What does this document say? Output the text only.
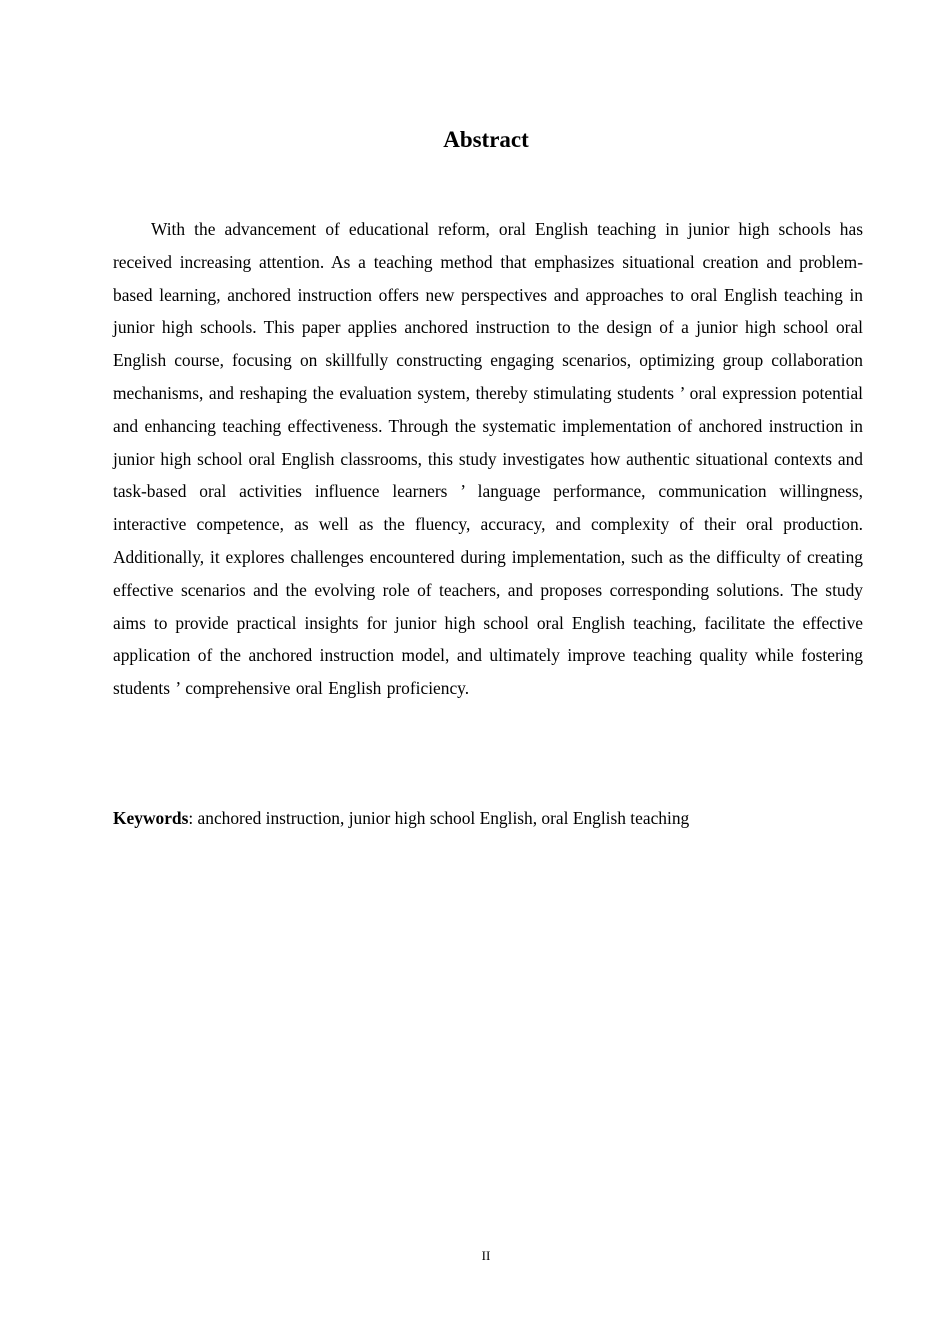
Abstract

With the advancement of educational reform, oral English teaching in junior high schools has received increasing attention. As a teaching method that emphasizes situational creation and problem-based learning, anchored instruction offers new perspectives and approaches to oral English teaching in junior high schools. This paper applies anchored instruction to the design of a junior high school oral English course, focusing on skillfully constructing engaging scenarios, optimizing group collaboration mechanisms, and reshaping the evaluation system, thereby stimulating students ’ oral expression potential and enhancing teaching effectiveness. Through the systematic implementation of anchored instruction in junior high school oral English classrooms, this study investigates how authentic situational contexts and task-based oral activities influence learners ’ language performance, communication willingness, interactive competence, as well as the fluency, accuracy, and complexity of their oral production. Additionally, it explores challenges encountered during implementation, such as the difficulty of creating effective scenarios and the evolving role of teachers, and proposes corresponding solutions. The study aims to provide practical insights for junior high school oral English teaching, facilitate the effective application of the anchored instruction model, and ultimately improve teaching quality while fostering students ’ comprehensive oral English proficiency.

Keywords: anchored instruction, junior high school English, oral English teaching

II
